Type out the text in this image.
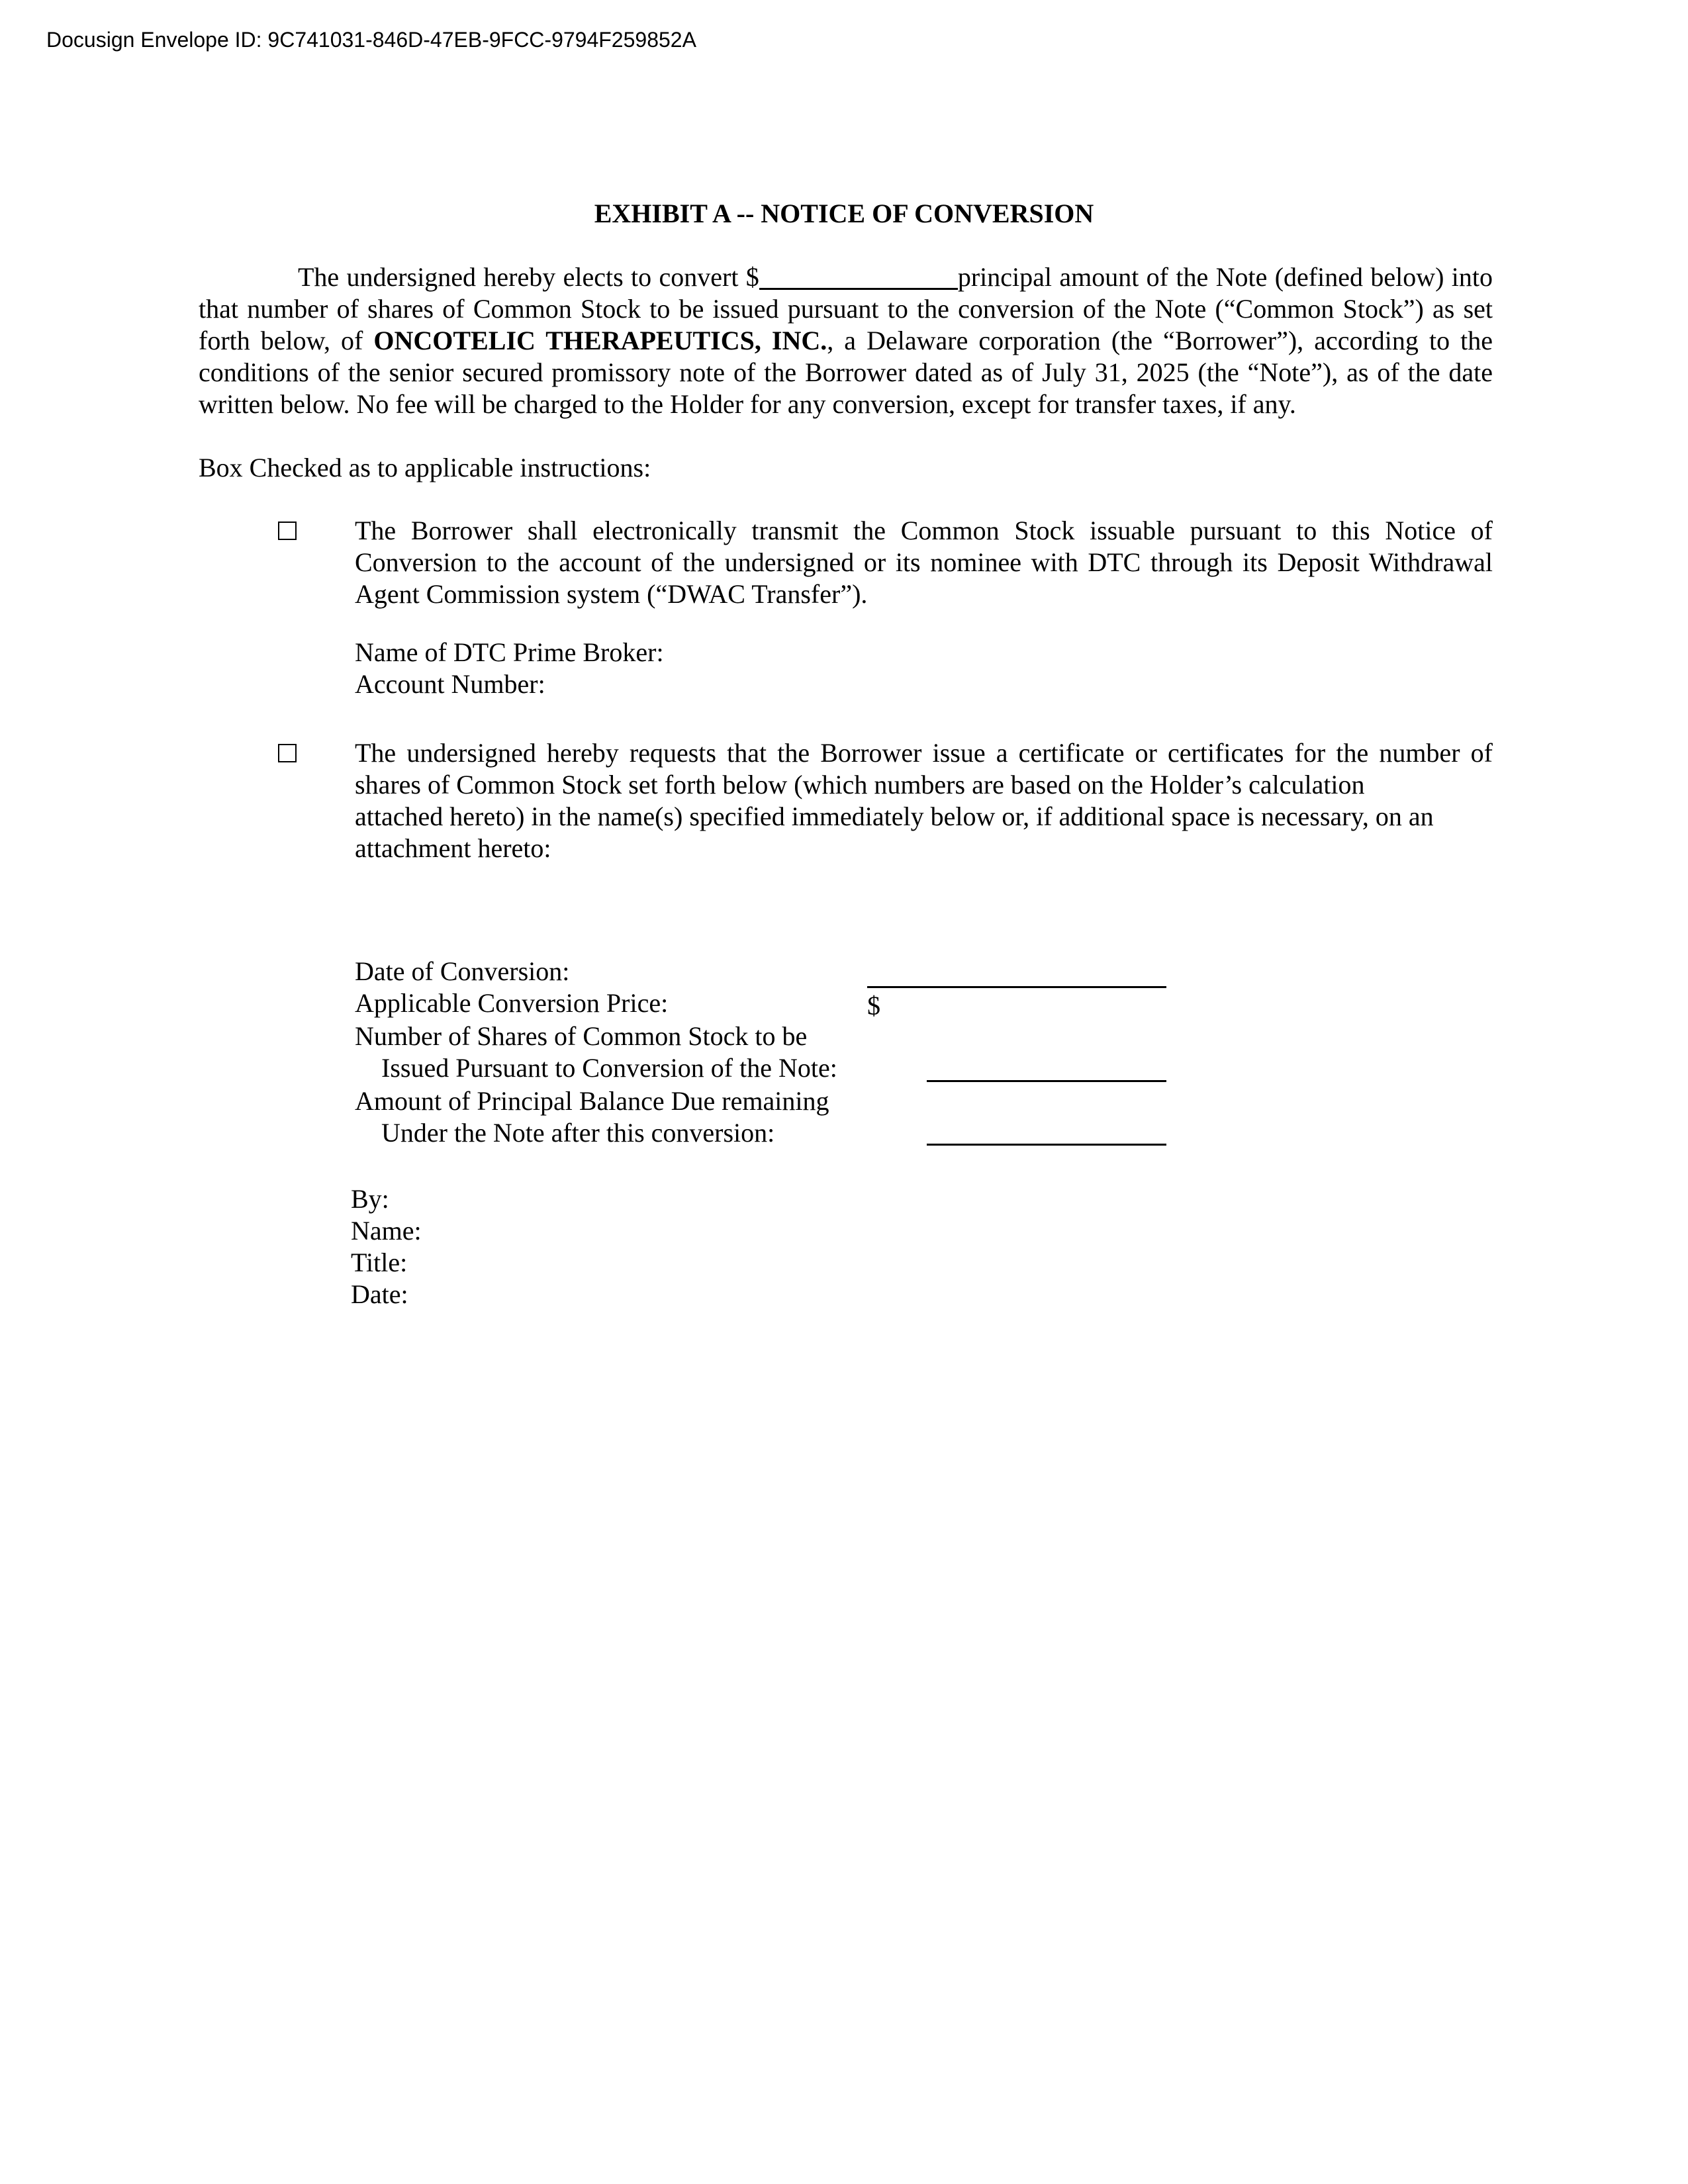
Docusign Envelope ID: 9C741031-846D-47EB-9FCC-9794F259852A
EXHIBIT A -- NOTICE OF CONVERSION
The undersigned hereby elects to convert $	principal amount of the Note (defined below) into that number of shares of Common Stock to be issued pursuant to the conversion of the Note (“Common Stock”) as set forth below, of ONCOTELIC THERAPEUTICS, INC., a Delaware corporation (the “Borrower”), according to the conditions of the senior secured promissory note of the Borrower dated as of July 31, 2025 (the “Note”), as of the date written below. No fee will be charged to the Holder for any conversion, except for transfer taxes, if any.
Box Checked as to applicable instructions:
The Borrower shall electronically transmit the Common Stock issuable pursuant to this Notice of Conversion to the account of the undersigned or its nominee with DTC through its Deposit Withdrawal Agent Commission system (“DWAC Transfer”).
Name of DTC Prime Broker:
Account Number:
The undersigned hereby requests that the Borrower issue a certificate or certificates for the number of
shares of Common Stock set forth below (which numbers are based on the Holder’s calculation
attached hereto) in the name(s) specified immediately below or, if additional space is necessary, on an
attachment hereto:
Date of Conversion:
Applicable Conversion Price:	$
Number of Shares of Common Stock to be
Issued Pursuant to Conversion of the Note:
Amount of Principal Balance Due remaining
Under the Note after this conversion:
By:
Name:
Title:
Date:
